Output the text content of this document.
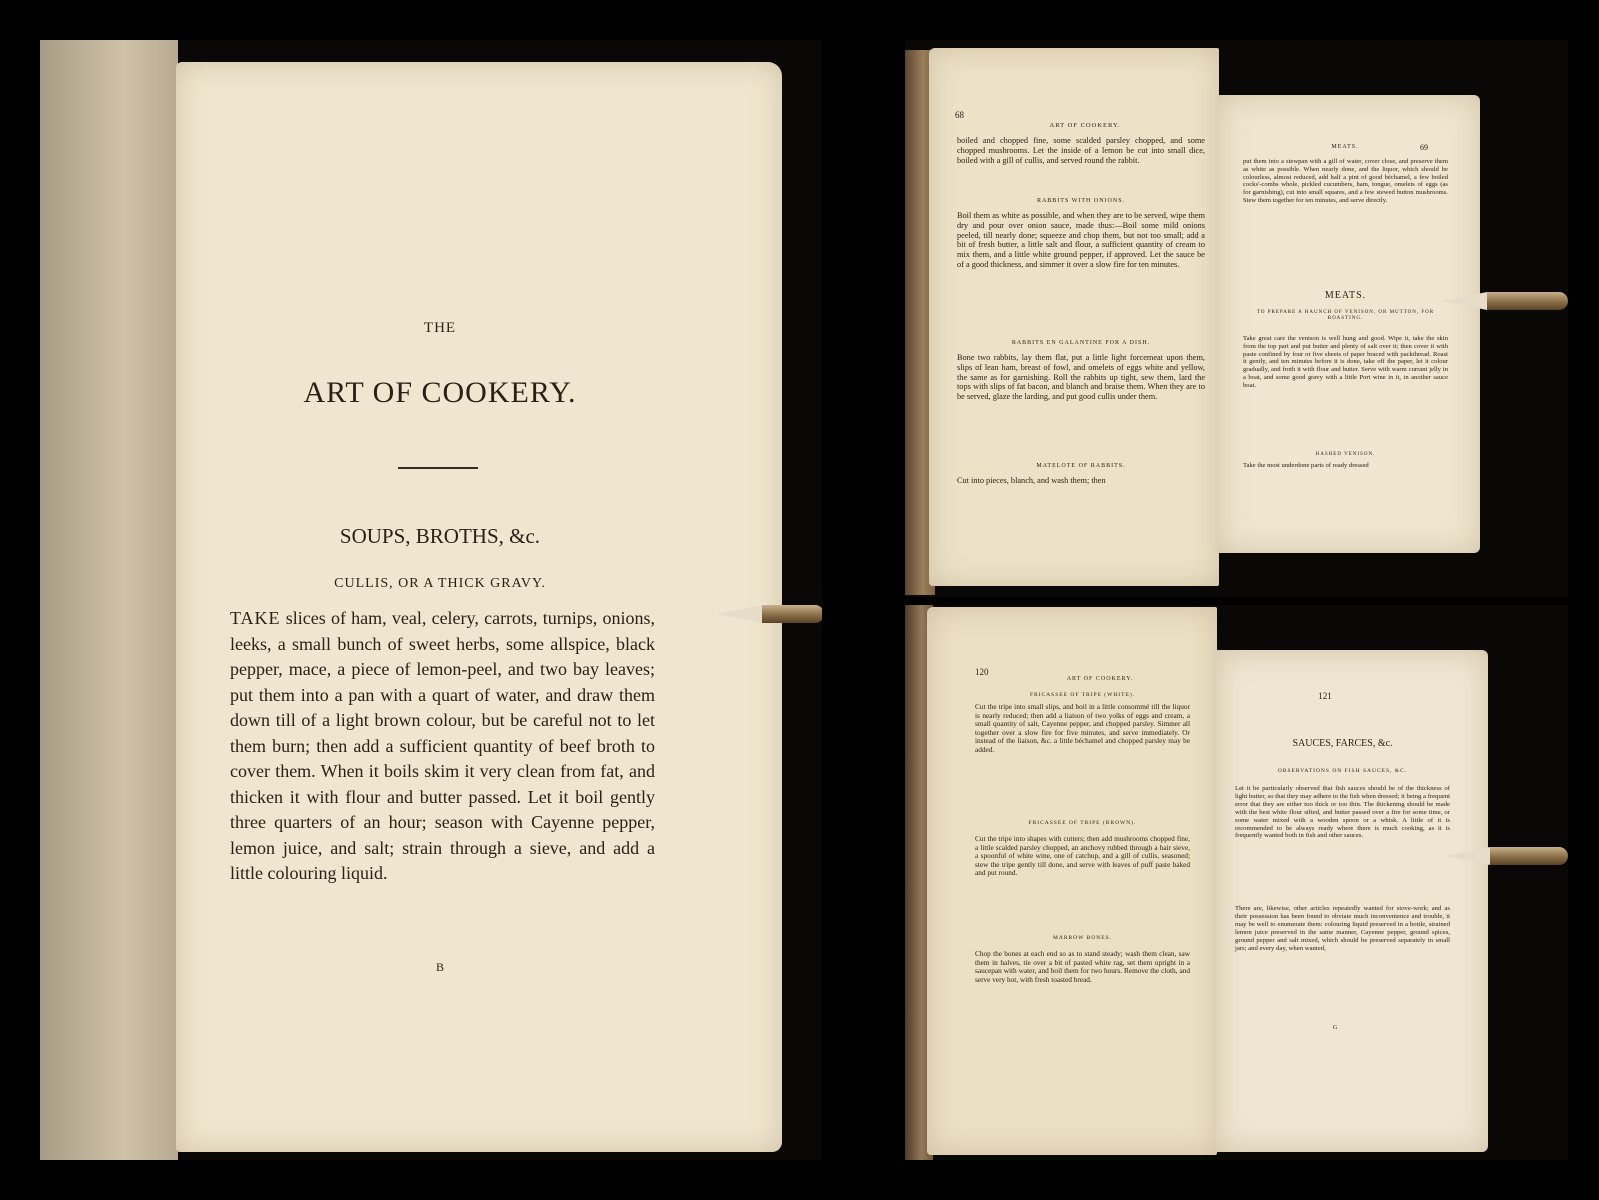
THE
ART OF COOKERY.
SOUPS, BROTHS, &c.
CULLIS, OR A THICK GRAVY.

TAKE slices of ham, veal, celery, carrots, turnips, onions, leeks, a small bunch of sweet herbs, some allspice, black pepper, mace, a piece of lemon-peel, and two bay leaves; put them into a pan with a quart of water, and draw them down till of a light brown colour, but be careful not to let them burn; then add a sufficient quantity of beef broth to cover them. When it boils skim it very clean from fat, and thicken it with flour and butter passed. Let it boil gently three quarters of an hour; season with Cayenne pepper, lemon juice, and salt; strain through a sieve, and add a little colouring liquid.

B
68
ART OF COOKERY.

boiled and chopped fine, some scalded parsley chopped, and some chopped mushrooms. Let the inside of a lemon be cut into small dice, boiled with a gill of cullis, and served round the rabbit.

RABBITS WITH ONIONS.

Boil them as white as possible, and when they are to be served, wipe them dry and pour over onion sauce, made thus:—Boil some mild onions peeled, till nearly done; squeeze and chop them, but not too small; add a bit of fresh butter, a little salt and flour, a sufficient quantity of cream to mix them, and a little white ground pepper, if approved. Let the sauce be of a good thickness, and simmer it over a slow fire for ten minutes.

RABBITS EN GALANTINE FOR A DISH.

Bone two rabbits, lay them flat, put a little light forcemeat upon them, slips of lean ham, breast of fowl, and omelets of eggs white and yellow, the same as for garnishing. Roll the rabbits up tight, sew them, lard the tops with slips of fat bacon, and blanch and braise them. When they are to be served, glaze the larding, and put good cullis under them.

MATELOTE OF RABBITS.

Cut into pieces, blanch, and wash them; then

MEATS.	69

put them into a stewpan with a gill of water, cover close, and preserve them as white as possible. When nearly done, and the liquor, which should be colourless, almost reduced, add half a pint of good béchamel, a few boiled cocks'-combs whole, pickled cucumbers, ham, tongue, omelets of eggs (as for garnishing), cut into small squares, and a few stewed button mushrooms. Stew them together for ten minutes, and serve directly.

MEATS.
TO PREPARE A HAUNCH OF VENISON, OR MUTTON, FOR ROASTING.

Take great care the venison is well hung and good. Wipe it, take the skin from the top part and put butter and plenty of salt over it; then cover it with paste confined by four or five sheets of paper braced with packthread. Roast it gently, and ten minutes before it is done, take off the paper, let it colour gradually, and froth it with flour and butter. Serve with warm currant jelly in a boat, and some good gravy with a little Port wine in it, in another sauce boat.

HASHED VENISON.

Take the most underdone parts of ready dressed

120
ART OF COOKERY.
FRICASSEE OF TRIPE (WHITE).

Cut the tripe into small slips, and boil in a little consommé till the liquor is nearly reduced; then add a liaison of two yolks of eggs and cream, a small quantity of salt, Cayenne pepper, and chopped parsley. Simmer all together over a slow fire for five minutes, and serve immediately. Or instead of the liaison, &c. a little béchamel and chopped parsley may be added.

FRICASSEE OF TRIPE (BROWN).

Cut the tripe into shapes with cutters; then add mushrooms chopped fine, a little scalded parsley chopped, an anchovy rubbed through a hair sieve, a spoonful of white wine, one of catchup, and a gill of cullis, seasoned; stew the tripe gently till done, and serve with leaves of puff paste baked and put round.

MARROW BONES.

Chop the bones at each end so as to stand steady; wash them clean, saw them in halves, tie over a bit of pasted white rag, set them upright in a saucepan with water, and boil them for two hours. Remove the cloth, and serve very hot, with fresh toasted bread.

121
SAUCES, FARCES, &c.
OBSERVATIONS ON FISH SAUCES, &C.

Let it be particularly observed that fish sauces should be of the thickness of light butter, so that they may adhere to the fish when dressed; it being a frequent error that they are either too thick or too thin. The thickening should be made with the best white flour sifted, and butter passed over a fire for some time, or some water mixed with a wooden spoon or a whisk. A little of it is recommended to be always ready where there is much cooking, as it is frequently wanted both in fish and other sauces.

There are, likewise, other articles repeatedly wanted for stove-work; and as their possession has been found to obviate much inconvenience and trouble, it may be well to enumerate them: colouring liquid preserved in a bottle, strained lemon juice preserved in the same manner, Cayenne pepper, ground spices, ground pepper and salt mixed, which should be preserved separately in small jars; and every day, when wanted,

G
